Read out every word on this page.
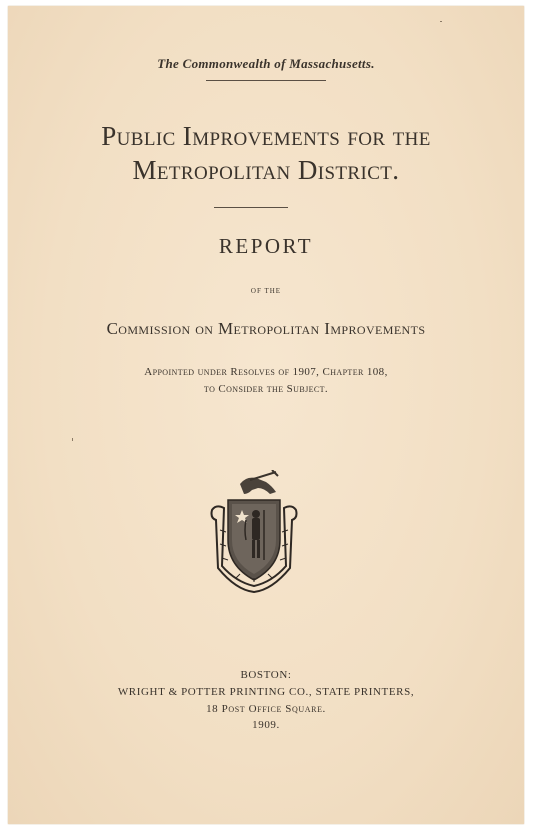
The Commonwealth of Massachusetts.
Public Improvements for the
Metropolitan District.
REPORT
OF THE
Commission on Metropolitan Improvements
Appointed under Resolves of 1907, Chapter 108,
to Consider the Subject.
BOSTON:
WRIGHT & POTTER PRINTING CO., STATE PRINTERS,
18 Post Office Square.
1909.
